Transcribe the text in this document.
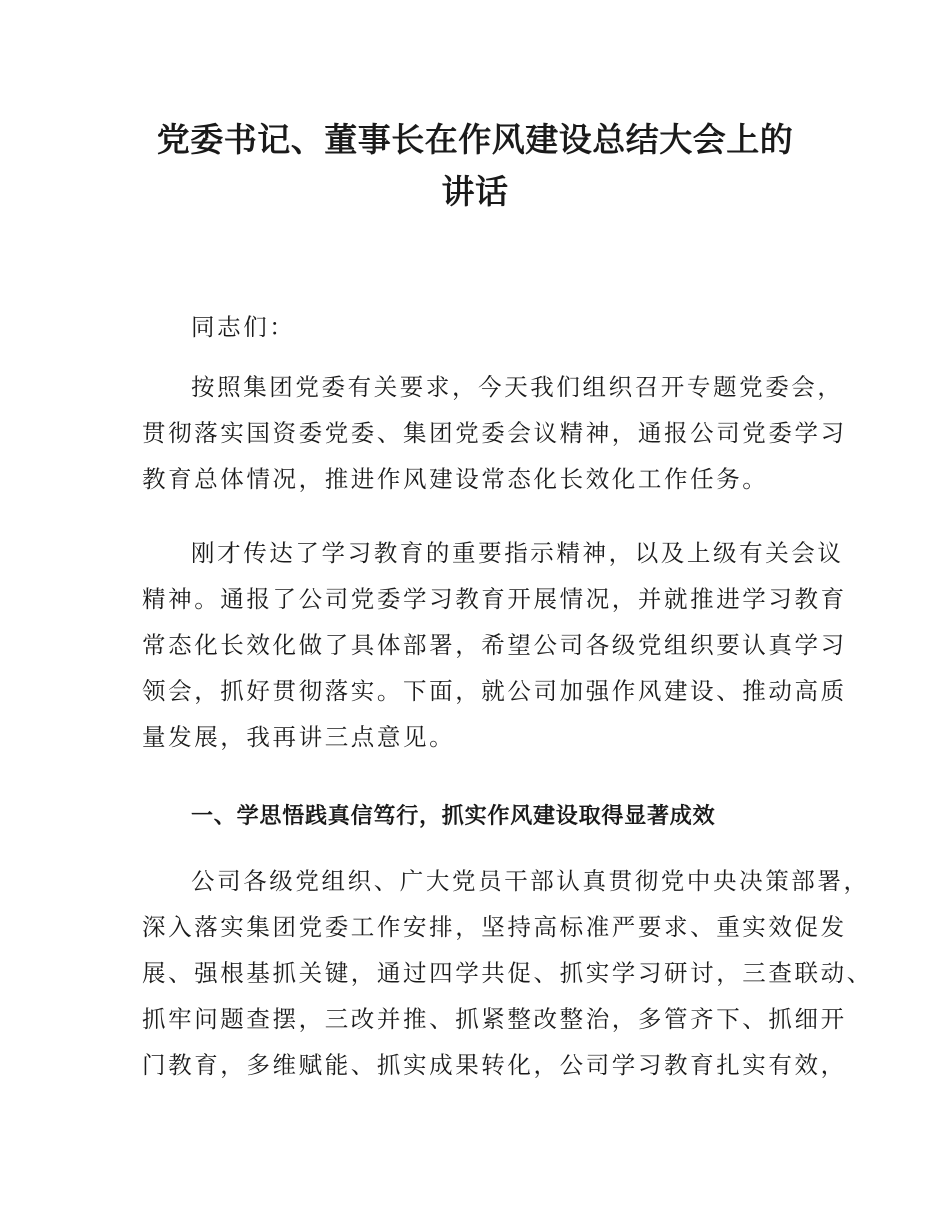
党委书记、董事长在作风建设总结大会上的
讲话

同志们：

按照集团党委有关要求，今天我们组织召开专题党委会，
贯彻落实国资委党委、集团党委会议精神，通报公司党委学习
教育总体情况，推进作风建设常态化长效化工作任务。

刚才传达了学习教育的重要指示精神，以及上级有关会议
精神。通报了公司党委学习教育开展情况，并就推进学习教育
常态化长效化做了具体部署，希望公司各级党组织要认真学习
领会，抓好贯彻落实。下面，就公司加强作风建设、推动高质
量发展，我再讲三点意见。

一、学思悟践真信笃行，抓实作风建设取得显著成效

公司各级党组织、广大党员干部认真贯彻党中央决策部署，
深入落实集团党委工作安排，坚持高标准严要求、重实效促发
展、强根基抓关键，通过四学共促、抓实学习研讨，三查联动、
抓牢问题查摆，三改并推、抓紧整改整治，多管齐下、抓细开
门教育，多维赋能、抓实成果转化，公司学习教育扎实有效，
